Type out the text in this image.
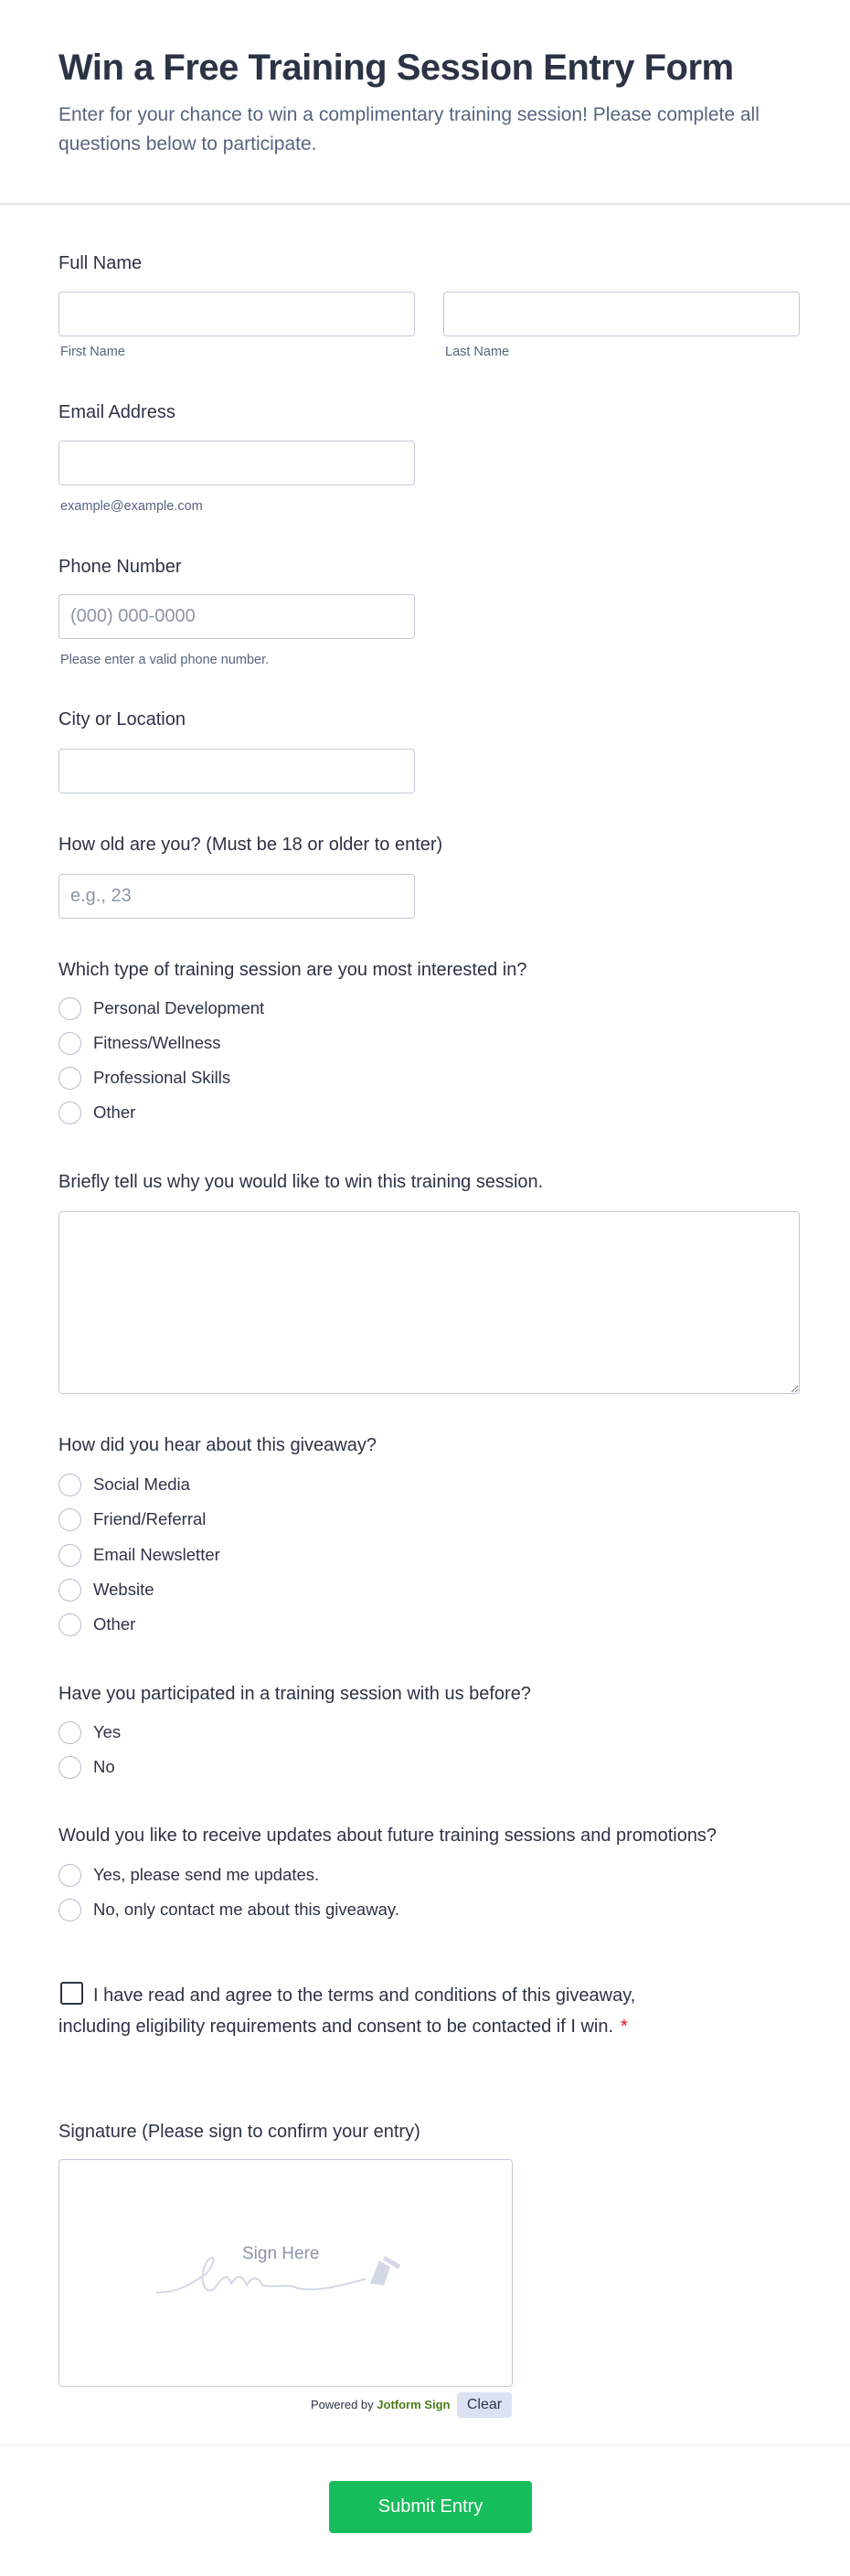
Win a Free Training Session Entry Form
Enter for your chance to win a complimentary training session! Please complete all questions below to participate.
Full Name
First Name	Last Name
Email Address
example@example.com
Phone Number
(000) 000-0000
Please enter a valid phone number.
City or Location
How old are you? (Must be 18 or older to enter)
e.g., 23
Which type of training session are you most interested in?
Personal Development
Fitness/Wellness
Professional Skills
Other
Briefly tell us why you would like to win this training session.
How did you hear about this giveaway?
Social Media
Friend/Referral
Email Newsletter
Website
Other
Have you participated in a training session with us before?
Yes
No
Would you like to receive updates about future training sessions and promotions?
Yes, please send me updates.
No, only contact me about this giveaway.
I have read and agree to the terms and conditions of this giveaway, including eligibility requirements and consent to be contacted if I win. *
Signature (Please sign to confirm your entry)
Sign Here
Powered by Jotform Sign	Clear
Submit Entry
